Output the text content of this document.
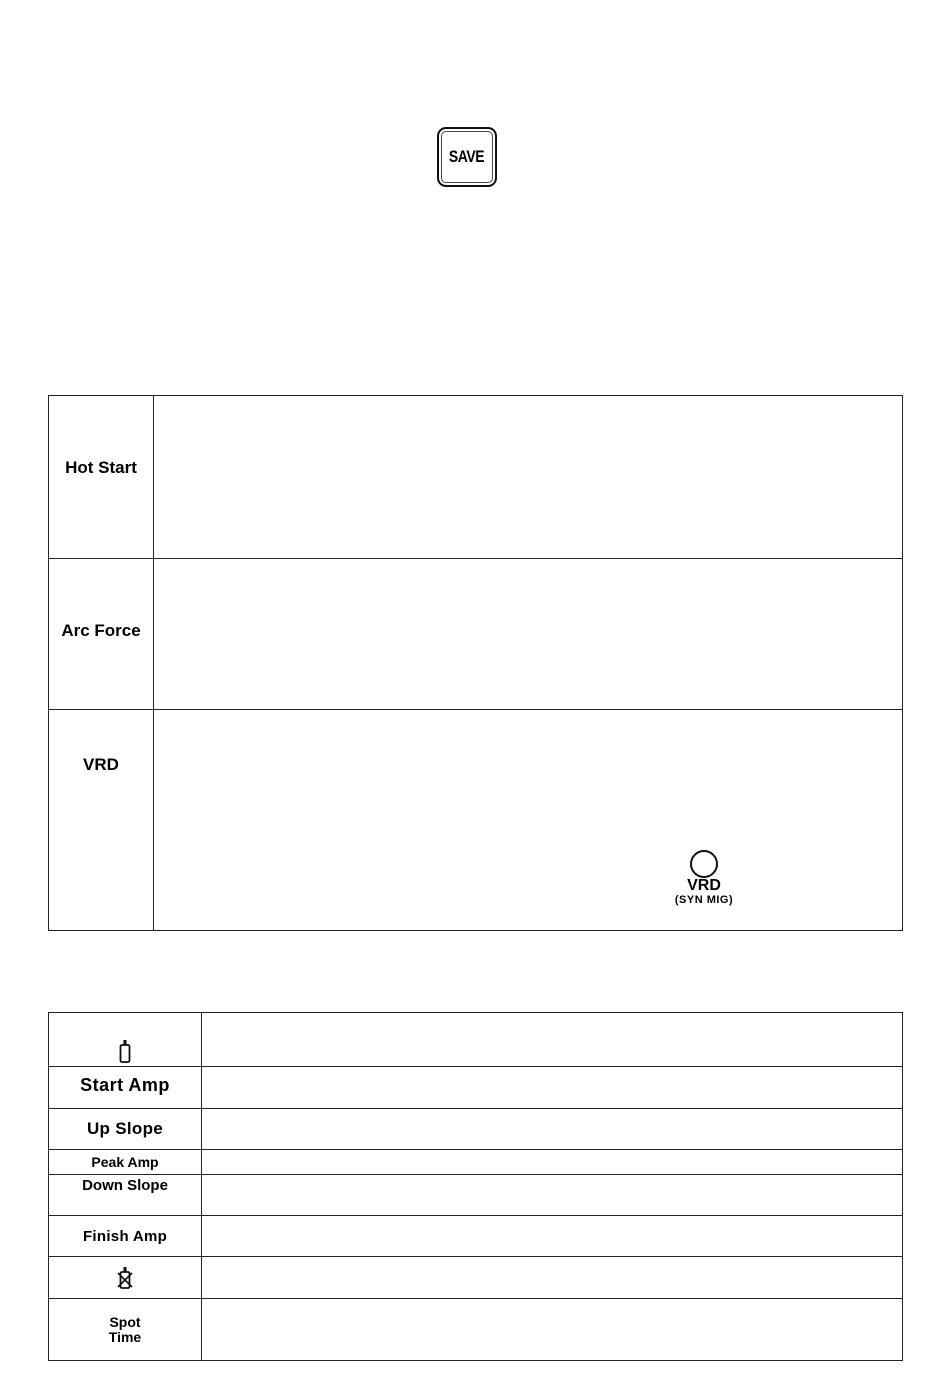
SAVE
Hot Start	

Arc Force	

VRD	VRD
(SYN MIG)

Start Amp	

Up Slope	

Peak Amp	

Down Slope	

Finish Amp	

Spot
Time	
